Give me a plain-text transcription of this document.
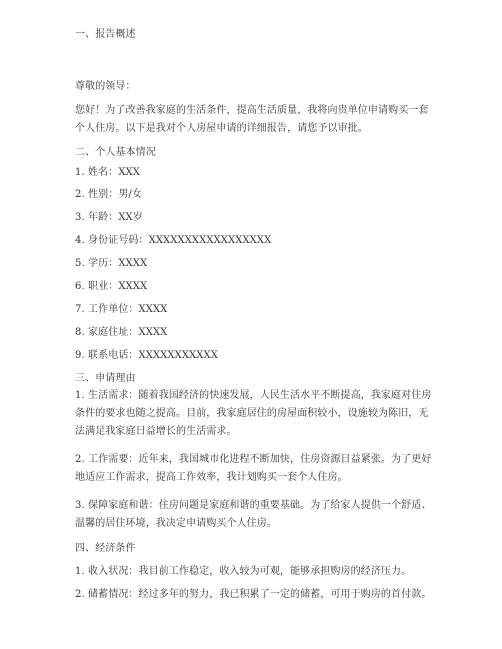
一、报告概述
尊敬的领导：
您好！为了改善我家庭的生活条件，提高生活质量，我将向贵单位申请购买一套个人住房。以下是我对个人房屋申请的详细报告，请您予以审批。
二、个人基本情况
1. 姓名：XXX
2. 性别：男/女
3. 年龄：XX岁
4. 身份证号码：XXXXXXXXXXXXXXXXX
5. 学历：XXXX
6. 职业：XXXX
7. 工作单位：XXXX
8. 家庭住址：XXXX
9. 联系电话：XXXXXXXXXXX
三、申请理由
1. 生活需求：随着我国经济的快速发展，人民生活水平不断提高，我家庭对住房条件的要求也随之提高。目前，我家庭居住的房屋面积较小，设施较为陈旧，无法满足我家庭日益增长的生活需求。
2. 工作需要：近年来，我国城市化进程不断加快，住房资源日益紧张。为了更好地适应工作需求，提高工作效率，我计划购买一套个人住房。
3. 保障家庭和谐：住房问题是家庭和谐的重要基础。为了给家人提供一个舒适、温馨的居住环境，我决定申请购买个人住房。
四、经济条件
1. 收入状况：我目前工作稳定，收入较为可观，能够承担购房的经济压力。
2. 储蓄情况：经过多年的努力，我已积累了一定的储蓄，可用于购房的首付款。
